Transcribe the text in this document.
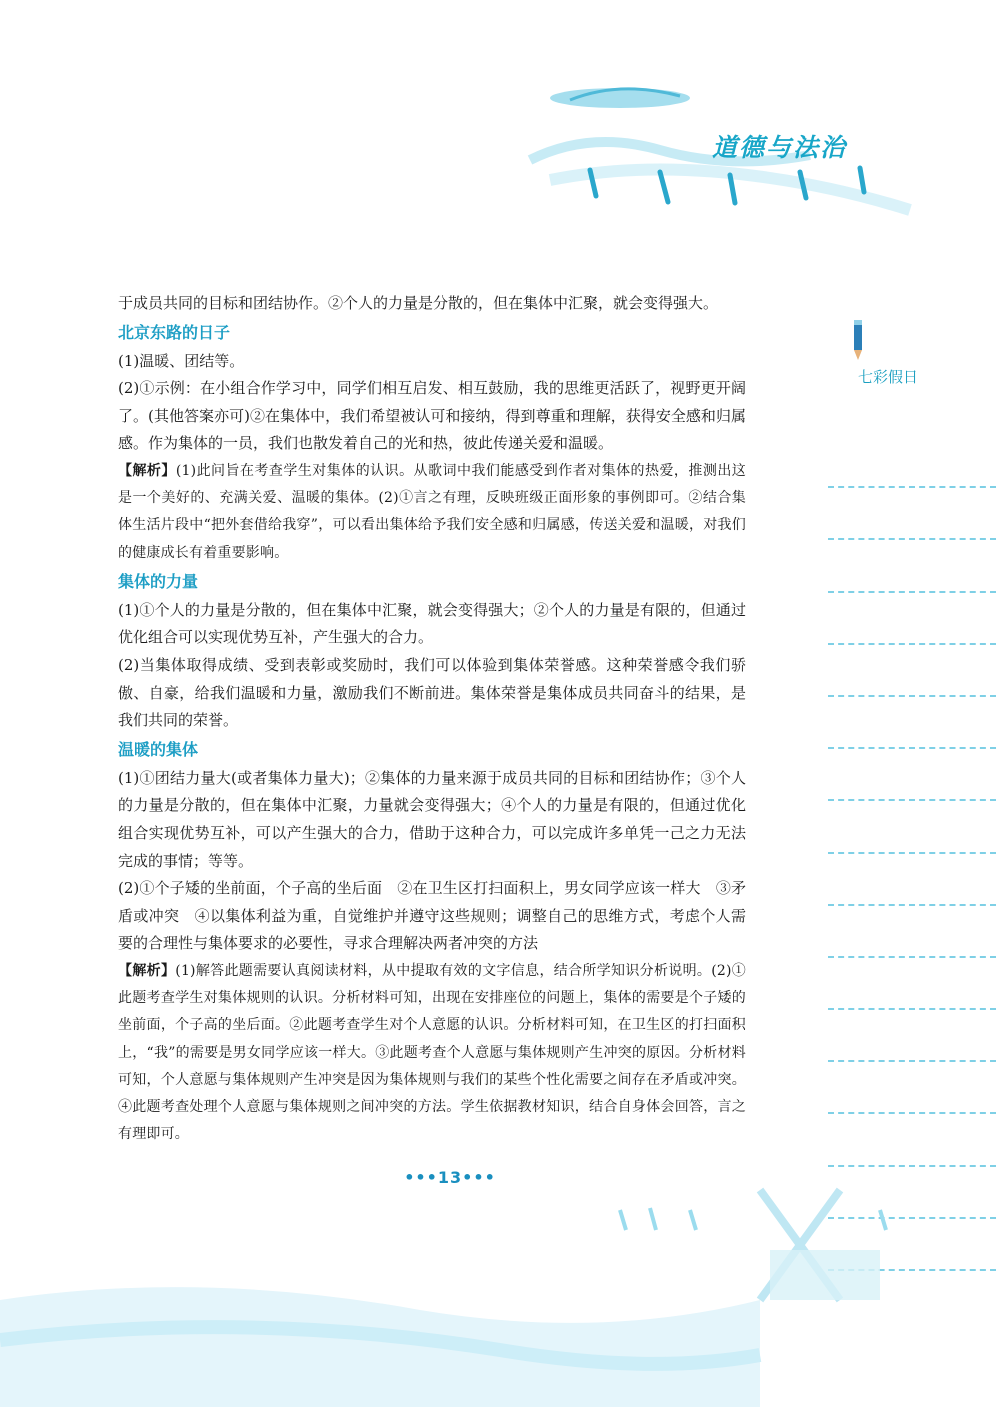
道德与法治
七彩假日

于成员共同的目标和团结协作。②个人的力量是分散的，但在集体中汇聚，就会变得强大。

北京东路的日子

(1)温暖、团结等。

(2)①示例：在小组合作学习中，同学们相互启发、相互鼓励，我的思维更活跃了，视野更开阔了。(其他答案亦可)②在集体中，我们希望被认可和接纳，得到尊重和理解，获得安全感和归属感。作为集体的一员，我们也散发着自己的光和热，彼此传递关爱和温暖。

【解析】(1)此问旨在考查学生对集体的认识。从歌词中我们能感受到作者对集体的热爱，推测出这是一个美好的、充满关爱、温暖的集体。(2)①言之有理，反映班级正面形象的事例即可。②结合集体生活片段中“把外套借给我穿”，可以看出集体给予我们安全感和归属感，传送关爱和温暖，对我们的健康成长有着重要影响。

集体的力量

(1)①个人的力量是分散的，但在集体中汇聚，就会变得强大；②个人的力量是有限的，但通过优化组合可以实现优势互补，产生强大的合力。

(2)当集体取得成绩、受到表彰或奖励时，我们可以体验到集体荣誉感。这种荣誉感令我们骄傲、自豪，给我们温暖和力量，激励我们不断前进。集体荣誉是集体成员共同奋斗的结果，是我们共同的荣誉。

温暖的集体

(1)①团结力量大(或者集体力量大)；②集体的力量来源于成员共同的目标和团结协作；③个人的力量是分散的，但在集体中汇聚，力量就会变得强大；④个人的力量是有限的，但通过优化组合实现优势互补，可以产生强大的合力，借助于这种合力，可以完成许多单凭一己之力无法完成的事情；等等。

(2)①个子矮的坐前面，个子高的坐后面　②在卫生区打扫面积上，男女同学应该一样大　③矛盾或冲突　④以集体利益为重，自觉维护并遵守这些规则；调整自己的思维方式，考虑个人需要的合理性与集体要求的必要性，寻求合理解决两者冲突的方法

【解析】(1)解答此题需要认真阅读材料，从中提取有效的文字信息，结合所学知识分析说明。(2)①此题考查学生对集体规则的认识。分析材料可知，出现在安排座位的问题上，集体的需要是个子矮的坐前面，个子高的坐后面。②此题考查学生对个人意愿的认识。分析材料可知，在卫生区的打扫面积上，“我”的需要是男女同学应该一样大。③此题考查个人意愿与集体规则产生冲突的原因。分析材料可知，个人意愿与集体规则产生冲突是因为集体规则与我们的某些个性化需要之间存在矛盾或冲突。④此题考查处理个人意愿与集体规则之间冲突的方法。学生依据教材知识，结合自身体会回答，言之有理即可。

•••13•••
